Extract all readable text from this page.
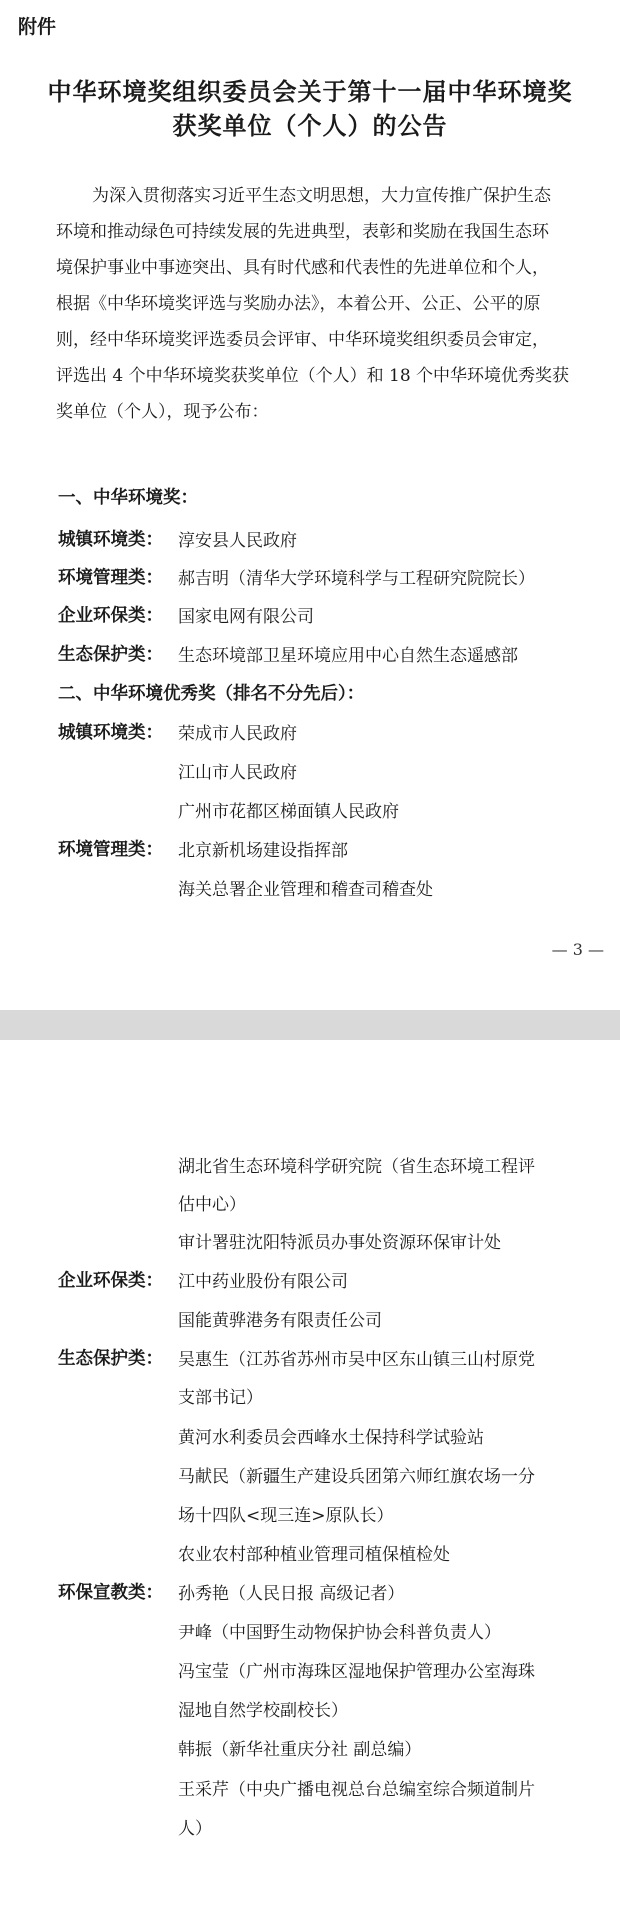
附件
中华环境奖组织委员会关于第十一届中华环境奖
获奖单位（个人）的公告
为深入贯彻落实习近平生态文明思想，大力宣传推广保护生态
环境和推动绿色可持续发展的先进典型，表彰和奖励在我国生态环
境保护事业中事迹突出、具有时代感和代表性的先进单位和个人，
根据《中华环境奖评选与奖励办法》，本着公开、公正、公平的原
则，经中华环境奖评选委员会评审、中华环境奖组织委员会审定，
评选出 4 个中华环境奖获奖单位（个人）和 18 个中华环境优秀奖获
奖单位（个人），现予公布：
一、中华环境奖：
城镇环境类： 淳安县人民政府
环境管理类： 郝吉明（清华大学环境科学与工程研究院院长）
企业环保类： 国家电网有限公司
生态保护类： 生态环境部卫星环境应用中心自然生态遥感部
二、中华环境优秀奖（排名不分先后）：
城镇环境类： 荣成市人民政府
江山市人民政府
广州市花都区梯面镇人民政府
环境管理类： 北京新机场建设指挥部
海关总署企业管理和稽查司稽查处
— 3 —
湖北省生态环境科学研究院（省生态环境工程评
估中心）
审计署驻沈阳特派员办事处资源环保审计处
企业环保类： 江中药业股份有限公司
国能黄骅港务有限责任公司
生态保护类： 吴惠生（江苏省苏州市吴中区东山镇三山村原党
支部书记）
黄河水利委员会西峰水土保持科学试验站
马献民（新疆生产建设兵团第六师红旗农场一分
场十四队<现三连>原队长）
农业农村部种植业管理司植保植检处
环保宣教类： 孙秀艳（人民日报 高级记者）
尹峰（中国野生动物保护协会科普负责人）
冯宝莹（广州市海珠区湿地保护管理办公室海珠
湿地自然学校副校长）
韩振（新华社重庆分社 副总编）
王采芹（中央广播电视总台总编室综合频道制片
人）
